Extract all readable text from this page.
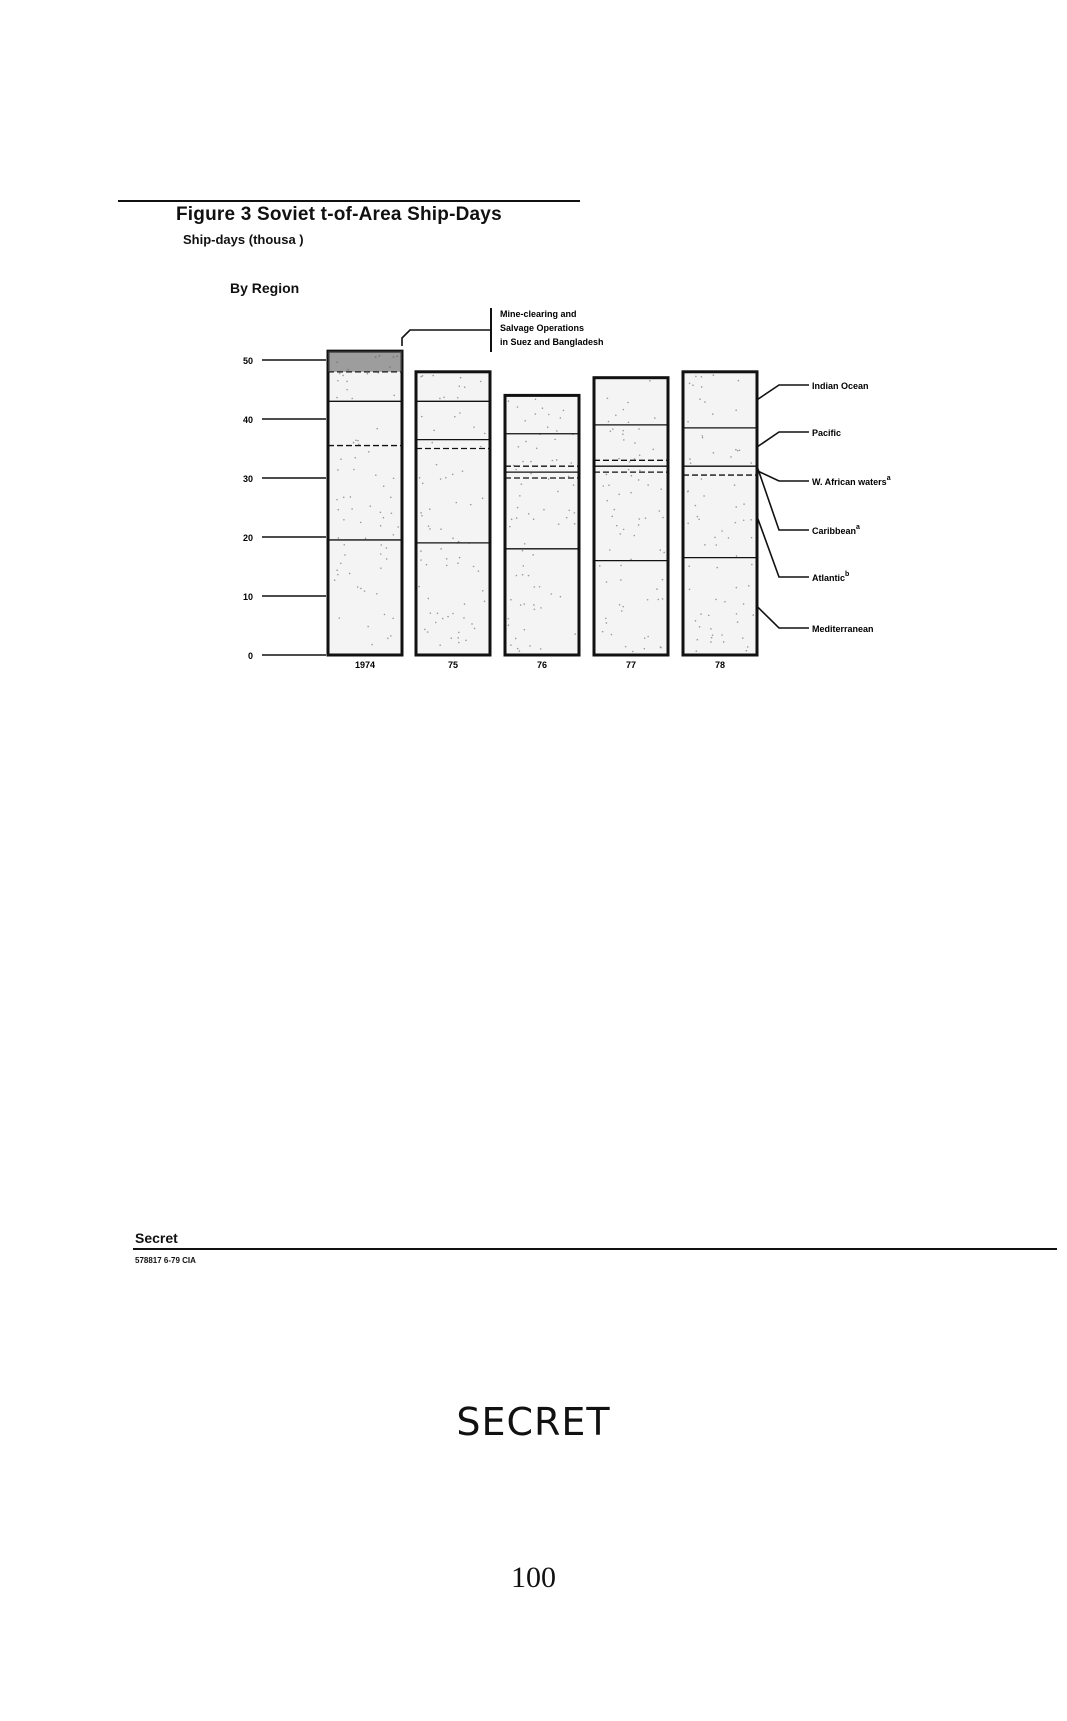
Figure 3 Soviet t-of-Area Ship-Days
Ship-days (thousa )
By Region
0
10
20
30
40
50
1974	75	76	77	78
Indian Ocean
Pacific
W. African waters$^a$
Caribbean$^a$
Atlantic$^b$
Mediterranean
Mine-clearing and
Salvage Operations
in Suez and Bangladesh
Secret
578817 6-79 CIA
SECRET
100
